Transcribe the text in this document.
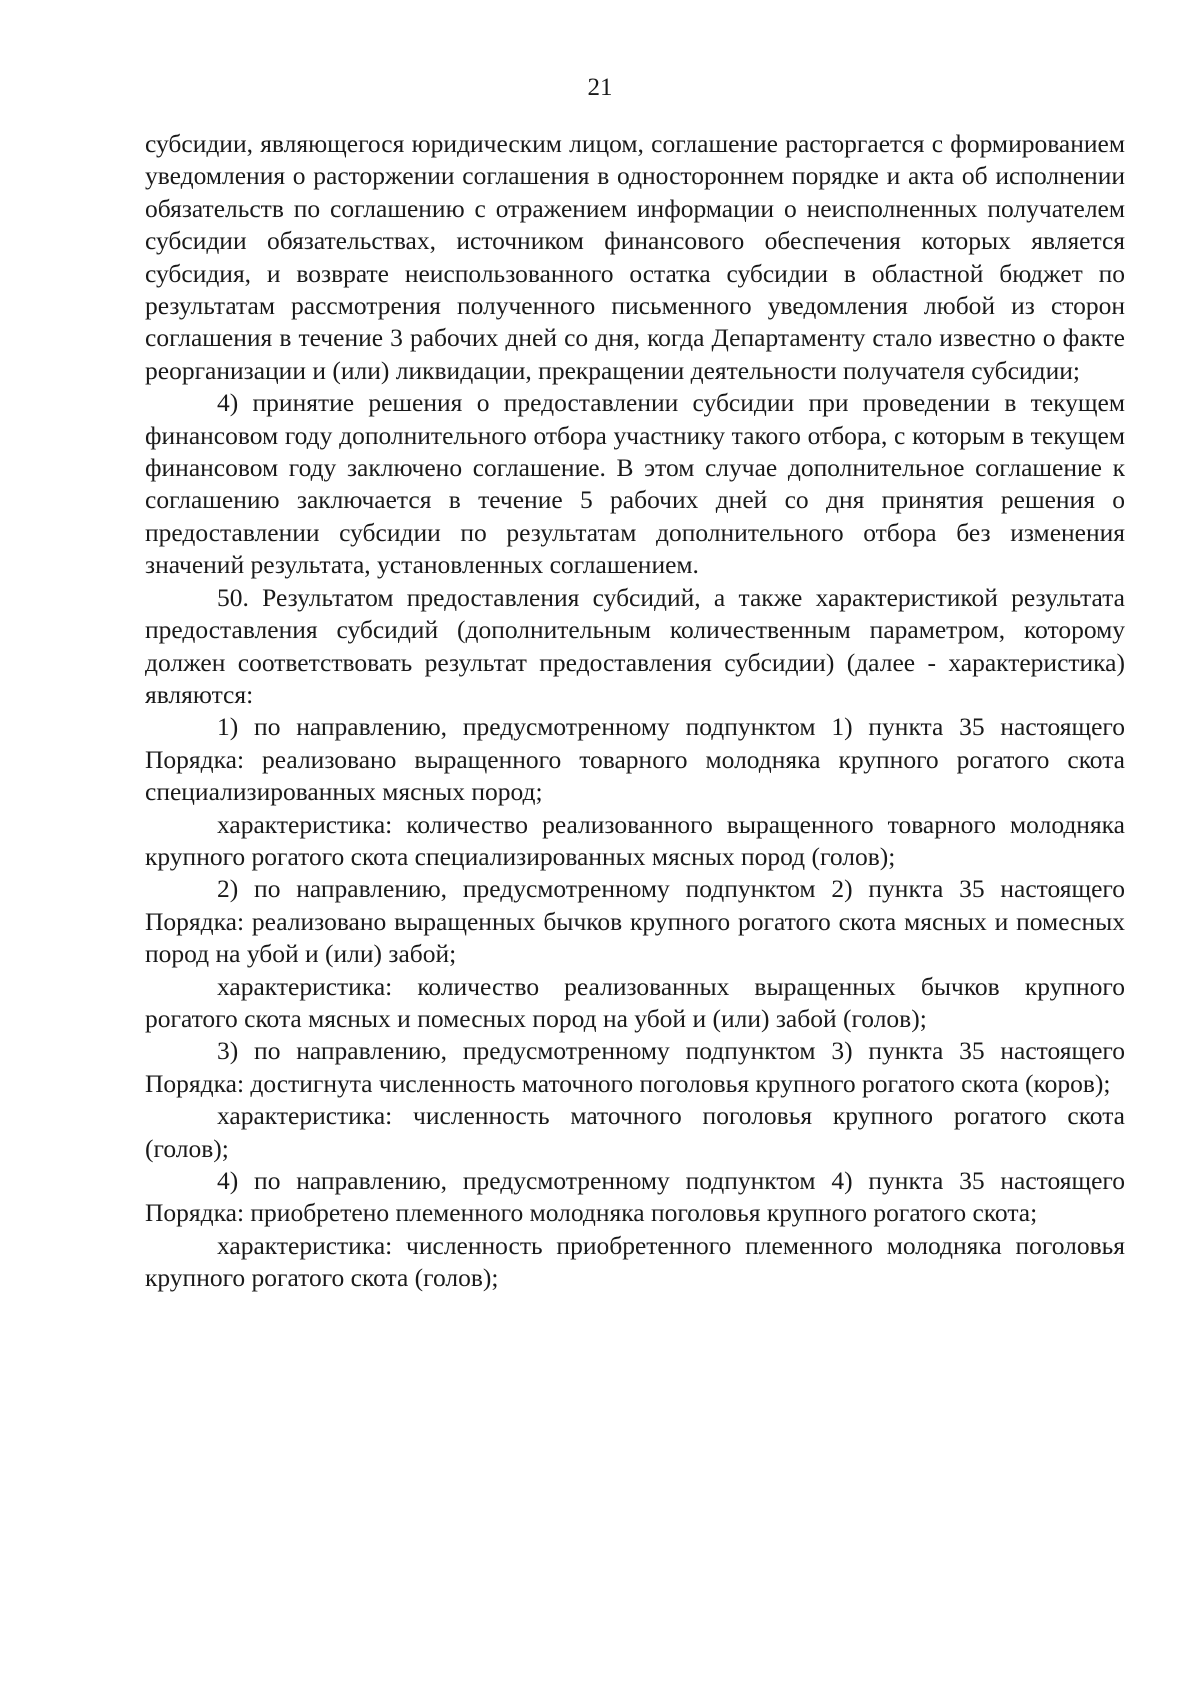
21

субсидии, являющегося юридическим лицом, соглашение расторгается с формированием уведомления о расторжении соглашения в одностороннем порядке и акта об исполнении обязательств по соглашению с отражением информации о неисполненных получателем субсидии обязательствах, источником финансового обеспечения которых является субсидия, и возврате неиспользованного остатка субсидии в областной бюджет по результатам рассмотрения полученного письменного уведомления любой из сторон соглашения в течение 3 рабочих дней со дня, когда Департаменту стало известно о факте реорганизации и (или) ликвидации, прекращении деятельности получателя субсидии;

4) принятие решения о предоставлении субсидии при проведении в текущем финансовом году дополнительного отбора участнику такого отбора, с которым в текущем финансовом году заключено соглашение. В этом случае дополнительное соглашение к соглашению заключается в течение 5 рабочих дней со дня принятия решения о предоставлении субсидии по результатам дополнительного отбора без изменения значений результата, установленных соглашением.

50. Результатом предоставления субсидий, а также характеристикой результата предоставления субсидий (дополнительным количественным параметром, которому должен соответствовать результат предоставления субсидии) (далее - характеристика) являются:

1) по направлению, предусмотренному подпунктом 1) пункта 35 настоящего Порядка: реализовано выращенного товарного молодняка крупного рогатого скота специализированных мясных пород;

характеристика: количество реализованного выращенного товарного молодняка крупного рогатого скота специализированных мясных пород (голов);

2) по направлению, предусмотренному подпунктом 2) пункта 35 настоящего Порядка: реализовано выращенных бычков крупного рогатого скота мясных и помесных пород на убой и (или) забой;

характеристика: количество реализованных выращенных бычков крупного рогатого скота мясных и помесных пород на убой и (или) забой (голов);

3) по направлению, предусмотренному подпунктом 3) пункта 35 настоящего Порядка: достигнута численность маточного поголовья крупного рогатого скота (коров);

характеристика: численность маточного поголовья крупного рогатого скота (голов);

4) по направлению, предусмотренному подпунктом 4) пункта 35 настоящего Порядка: приобретено племенного молодняка поголовья крупного рогатого скота;

характеристика: численность приобретенного племенного молодняка поголовья крупного рогатого скота (голов);
